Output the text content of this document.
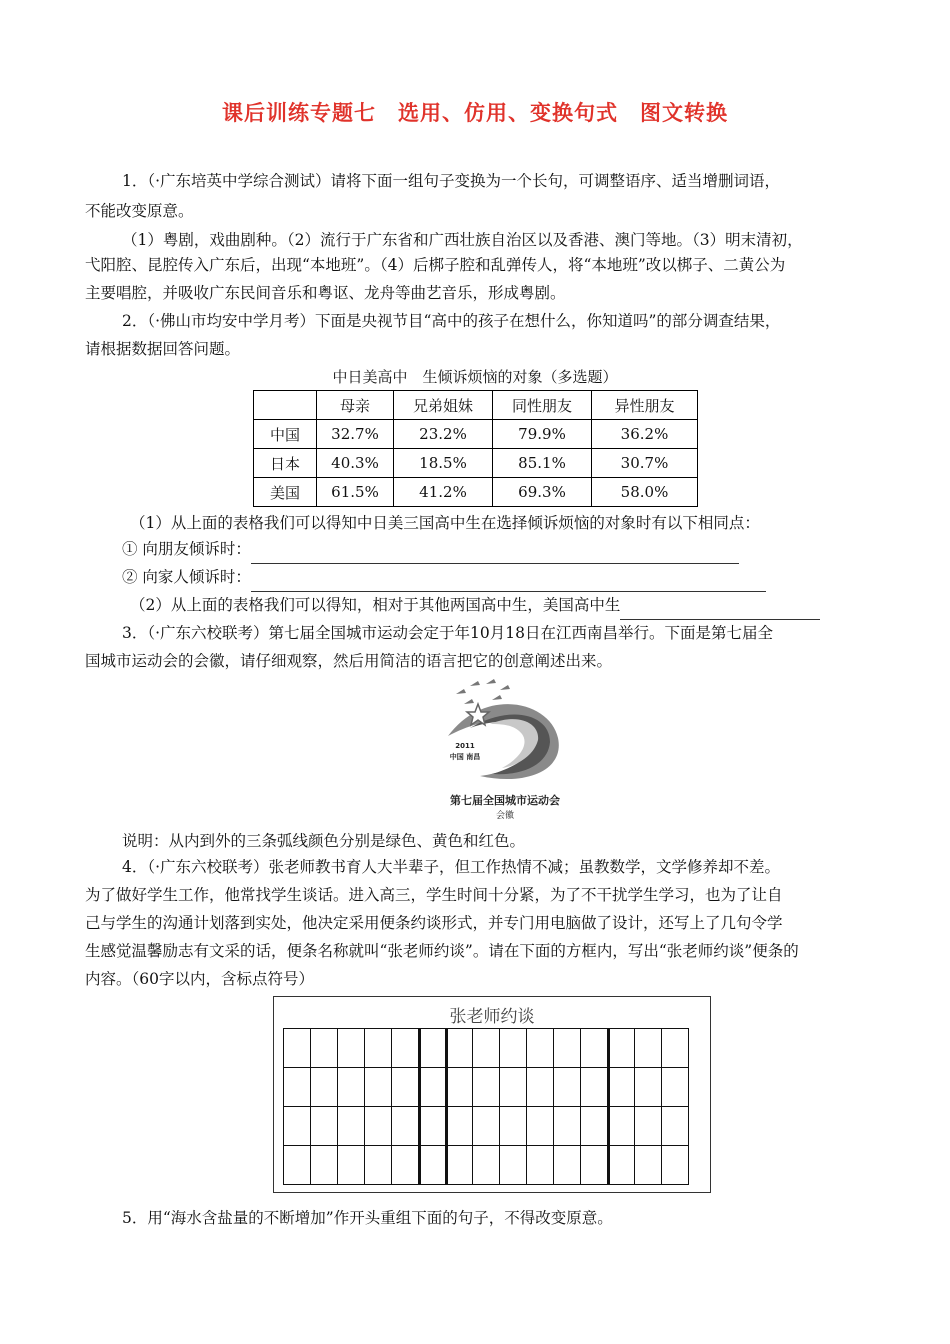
课后训练专题七　选用、仿用、变换句式　图文转换
1．（·广东培英中学综合测试）请将下面一组句子变换为一个长句，可调整语序、适当增删词语，
不能改变原意。
（1）粤剧，戏曲剧种。（2）流行于广东省和广西壮族自治区以及香港、澳门等地。（3）明末清初，
弋阳腔、昆腔传入广东后，出现“本地班”。（4）后梆子腔和乱弹传人，将“本地班”改以梆子、二黄公为
主要唱腔，并吸收广东民间音乐和粤讴、龙舟等曲艺音乐，形成粤剧。
2．（·佛山市均安中学月考）下面是央视节目“高中的孩子在想什么，你知道吗”的部分调查结果，
请根据数据回答问题。
中日美高中　生倾诉烦恼的对象（多选题）
	母亲	兄弟姐妹	同性朋友	异性朋友
中国	32.7%	23.2%	79.9%	36.2%
日本	40.3%	18.5%	85.1%	30.7%
美国	61.5%	41.2%	69.3%	58.0%
（1）从上面的表格我们可以得知中日美三国高中生在选择倾诉烦恼的对象时有以下相同点：
① 向朋友倾诉时：
② 向家人倾诉时：
（2）从上面的表格我们可以得知，相对于其他两国高中生，美国高中生
3．（·广东六校联考）第七届全国城市运动会定于年10月18日在江西南昌举行。下面是第七届全
国城市运动会的会徽，请仔细观察，然后用简洁的语言把它的创意阐述出来。
2011
中国 南昌
第七届全国城市运动会
会徽
说明：从内到外的三条弧线颜色分别是绿色、黄色和红色。
4．（·广东六校联考）张老师教书育人大半辈子，但工作热情不减；虽教数学，文学修养却不差。
为了做好学生工作，他常找学生谈话。进入高三，学生时间十分紧，为了不干扰学生学习，也为了让自
己与学生的沟通计划落到实处，他决定采用便条约谈形式，并专门用电脑做了设计，还写上了几句令学
生感觉温馨励志有文采的话，便条名称就叫“张老师约谈”。请在下面的方框内，写出“张老师约谈”便条的
内容。（60字以内，含标点符号）
张老师约谈
5．用“海水含盐量的不断增加”作开头重组下面的句子，不得改变原意。
